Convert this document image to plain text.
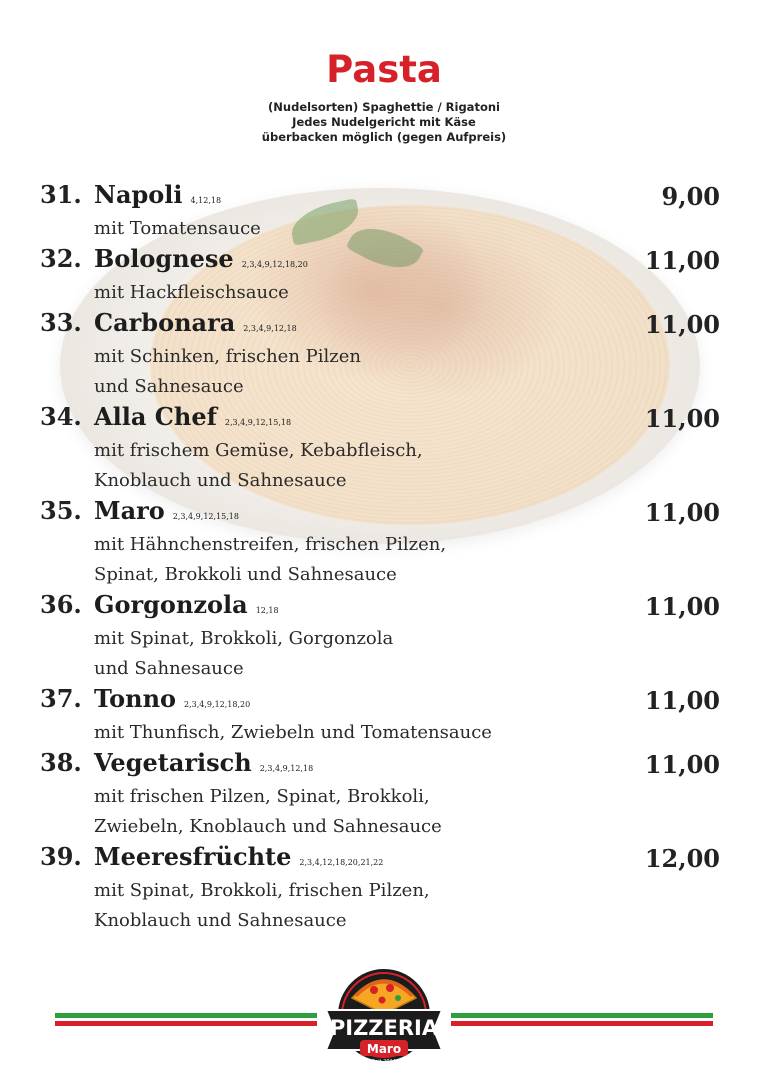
Pasta
(Nudelsorten) Spaghettie / Rigatoni
Jedes Nudelgericht mit Käse
überbacken möglich (gegen Aufpreis)
31. Napoli 4,12,18	9,00
mit Tomatensauce
32. Bolognese 2,3,4,9,12,18,20	11,00
mit Hackfleischsauce
33. Carbonara 2,3,4,9,12,18	11,00
mit Schinken, frischen Pilzen
und Sahnesauce
34. Alla Chef 2,3,4,9,12,15,18	11,00
mit frischem Gemüse, Kebabfleisch,
Knoblauch und Sahnesauce
35. Maro 2,3,4,9,12,15,18	11,00
mit Hähnchenstreifen, frischen Pilzen,
Spinat, Brokkoli und Sahnesauce
36. Gorgonzola 12,18	11,00
mit Spinat, Brokkoli, Gorgonzola
und Sahnesauce
37. Tonno 2,3,4,9,12,18,20	11,00
mit Thunfisch, Zwiebeln und Tomatensauce
38. Vegetarisch 2,3,4,9,12,18	11,00
mit frischen Pilzen, Spinat, Brokkoli,
Zwiebeln, Knoblauch und Sahnesauce
39. Meeresfrüchte 2,3,4,12,18,20,21,22	12,00
mit Spinat, Brokkoli, frischen Pilzen,
Knoblauch und Sahnesauce
PIZZERIA
Maro
Seit 2014
